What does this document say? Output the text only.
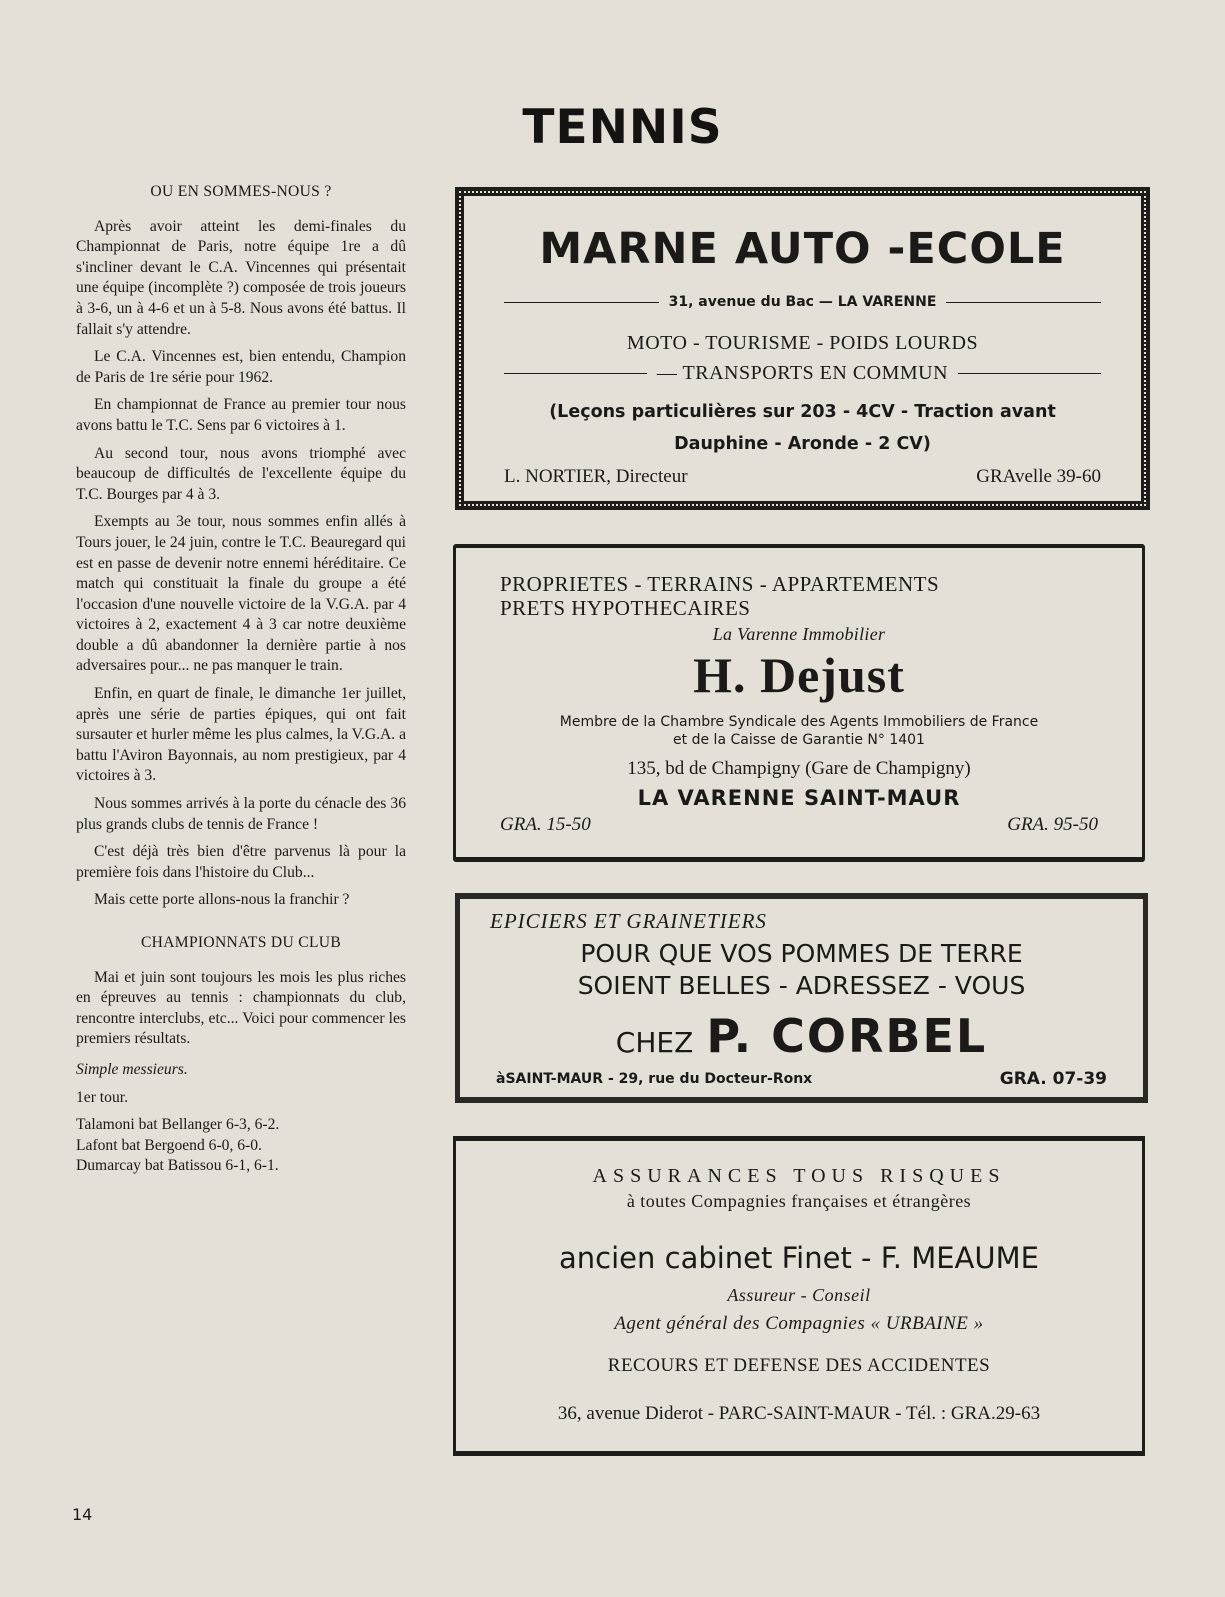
TENNIS
OU EN SOMMES-NOUS ?

Après avoir atteint les demi-finales du Championnat de Paris, notre équipe 1re a dû s'incliner devant le C.A. Vincennes qui présentait une équipe (incomplète ?) composée de trois joueurs à 3-6, un à 4-6 et un à 5-8. Nous avons été battus. Il fallait s'y attendre.

Le C.A. Vincennes est, bien entendu, Champion de Paris de 1re série pour 1962.

En championnat de France au premier tour nous avons battu le T.C. Sens par 6 victoires à 1.

Au second tour, nous avons triomphé avec beaucoup de difficultés de l'excellente équipe du T.C. Bourges par 4 à 3.

Exempts au 3e tour, nous sommes enfin allés à Tours jouer, le 24 juin, contre le T.C. Beauregard qui est en passe de devenir notre ennemi héréditaire. Ce match qui constituait la finale du groupe a été l'occasion d'une nouvelle victoire de la V.G.A. par 4 victoires à 2, exactement 4 à 3 car notre deuxième double a dû abandonner la dernière partie à nos adversaires pour... ne pas manquer le train.

Enfin, en quart de finale, le dimanche 1er juillet, après une série de parties épiques, qui ont fait sursauter et hurler même les plus calmes, la V.G.A. a battu l'Aviron Bayonnais, au nom prestigieux, par 4 victoires à 3.

Nous sommes arrivés à la porte du cénacle des 36 plus grands clubs de tennis de France !

C'est déjà très bien d'être parvenus là pour la première fois dans l'histoire du Club...

Mais cette porte allons-nous la franchir ?

CHAMPIONNATS DU CLUB

Mai et juin sont toujours les mois les plus riches en épreuves au tennis : championnats du club, rencontre interclubs, etc... Voici pour commencer les premiers résultats.

Simple messieurs.

1er tour.

Talamoni bat Bellanger 6-3, 6-2.

Lafont bat Bergoend 6-0, 6-0.

Dumarcay bat Batissou 6-1, 6-1.

14
MARNE AUTO -ECOLE
31, avenue du Bac — LA VARENNE
MOTO - TOURISME - POIDS LOURDS
— TRANSPORTS EN COMMUN
(Leçons particulières sur 203 - 4CV - Traction avant
Dauphine - Aronde - 2 CV)
L. NORTIER, Directeur	GRAvelle 39-60
PROPRIETES - TERRAINS - APPARTEMENTS
PRETS HYPOTHECAIRES
La Varenne Immobilier
H. Dejust
Membre de la Chambre Syndicale des Agents Immobiliers de France
et de la Caisse de Garantie N° 1401
135, bd de Champigny (Gare de Champigny)
LA VARENNE SAINT-MAUR
GRA. 15-50	GRA. 95-50
EPICIERS ET GRAINETIERS
POUR QUE VOS POMMES DE TERRE
SOIENT BELLES - ADRESSEZ - VOUS
CHEZ P. CORBEL
àSAINT-MAUR - 29, rue du Docteur-Ronx	GRA. 07-39
ASSURANCES TOUS RISQUES
à toutes Compagnies françaises et étrangères
ancien cabinet Finet - F. MEAUME
Assureur - Conseil
Agent général des Compagnies « URBAINE »
RECOURS ET DEFENSE DES ACCIDENTES
36, avenue Diderot - PARC-SAINT-MAUR - Tél. : GRA.29-63
